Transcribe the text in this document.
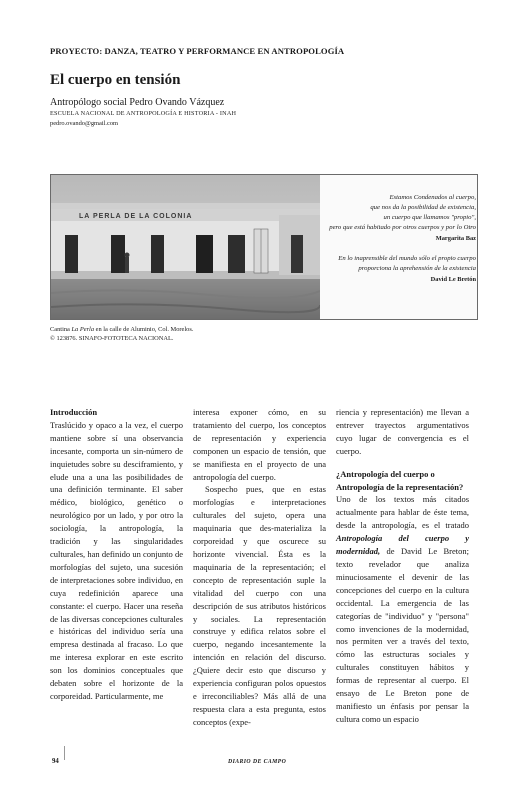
PROYECTO: DANZA, TEATRO Y PERFORMANCE EN ANTROPOLOGÍA
El cuerpo en tensión
Antropólogo social Pedro Ovando Vázquez
ESCUELA NACIONAL DE ANTROPOLOGÍA E HISTORIA - INAH
pedro.ovando@gmail.com
LA PERLA DE LA COLONIA
Cantina La Perla en la calle de Aluminio, Col. Morelos.
© 123876. SINAFO-FOTOTECA NACIONAL.
Estamos Condenados al cuerpo,
que nos da la posibilidad de existencia,
un cuerpo que llamamos "propio",
pero que está habitado por otros cuerpos y por lo Otro
Margarita Baz
En lo inaprensible del mundo sólo el propio cuerpo
proporciona la aprehensión de la existencia
David Le Bretón
Introducción

Traslúcido y opaco a la vez, el cuerpo mantiene sobre sí una observancia incesante, comporta un sin-número de inquietudes sobre su desciframiento, y elude una a una las posibilidades de una definición terminante. El saber médico, biológico, genético o neurológico por un lado, y por otro la sociología, la antropología, la tradición y las singularidades culturales, han definido un conjunto de morfologías del sujeto, una sucesión de interpretaciones sobre individuo, en cuya redefinición aparece una constante: el cuerpo. Hacer una reseña de las diversas concepciones culturales e históricas del individuo sería una empresa destinada al fracaso. Lo que me interesa explorar en este escrito son los dominios conceptuales que debaten sobre el horizonte de la corporeidad. Particularmente, me

interesa exponer cómo, en su tratamiento del cuerpo, los conceptos de representación y experiencia componen un espacio de tensión, que se manifiesta en el proyecto de una antropología del cuerpo.

Sospecho pues, que en estas morfologías e interpretaciones culturales del sujeto, opera una maquinaria que des-materializa la corporeidad y que oscurece su horizonte vivencial. Ésta es la maquinaria de la representación; el concepto de representación suple la vitalidad del cuerpo con una descripción de sus atributos históricos y sociales. La representación construye y edifica relatos sobre el cuerpo, negando incesantemente la intención en relación del discurso. ¿Quiere decir esto que discurso y experiencia configuran polos opuestos e irreconciliables? Más allá de una respuesta clara a esta pregunta, estos conceptos (expe-

riencia y representación) me llevan a entrever trayectos argumentativos cuyo lugar de convergencia es el cuerpo.

¿Antropología del cuerpo o Antropología de la representación?

Uno de los textos más citados actualmente para hablar de éste tema, desde la antropología, es el tratado Antropología del cuerpo y modernidad, de David Le Breton; texto revelador que analiza minuciosamente el devenir de las concepciones del cuerpo en la cultura occidental. La emergencia de las categorías de "individuo" y "persona" como invenciones de la modernidad, nos permiten ver a través del texto, cómo las estructuras sociales y culturales constituyen hábitos y formas de representar al cuerpo. El ensayo de Le Breton pone de manifiesto un énfasis por pensar la cultura como un espacio

94	DIARIO DE CAMPO
